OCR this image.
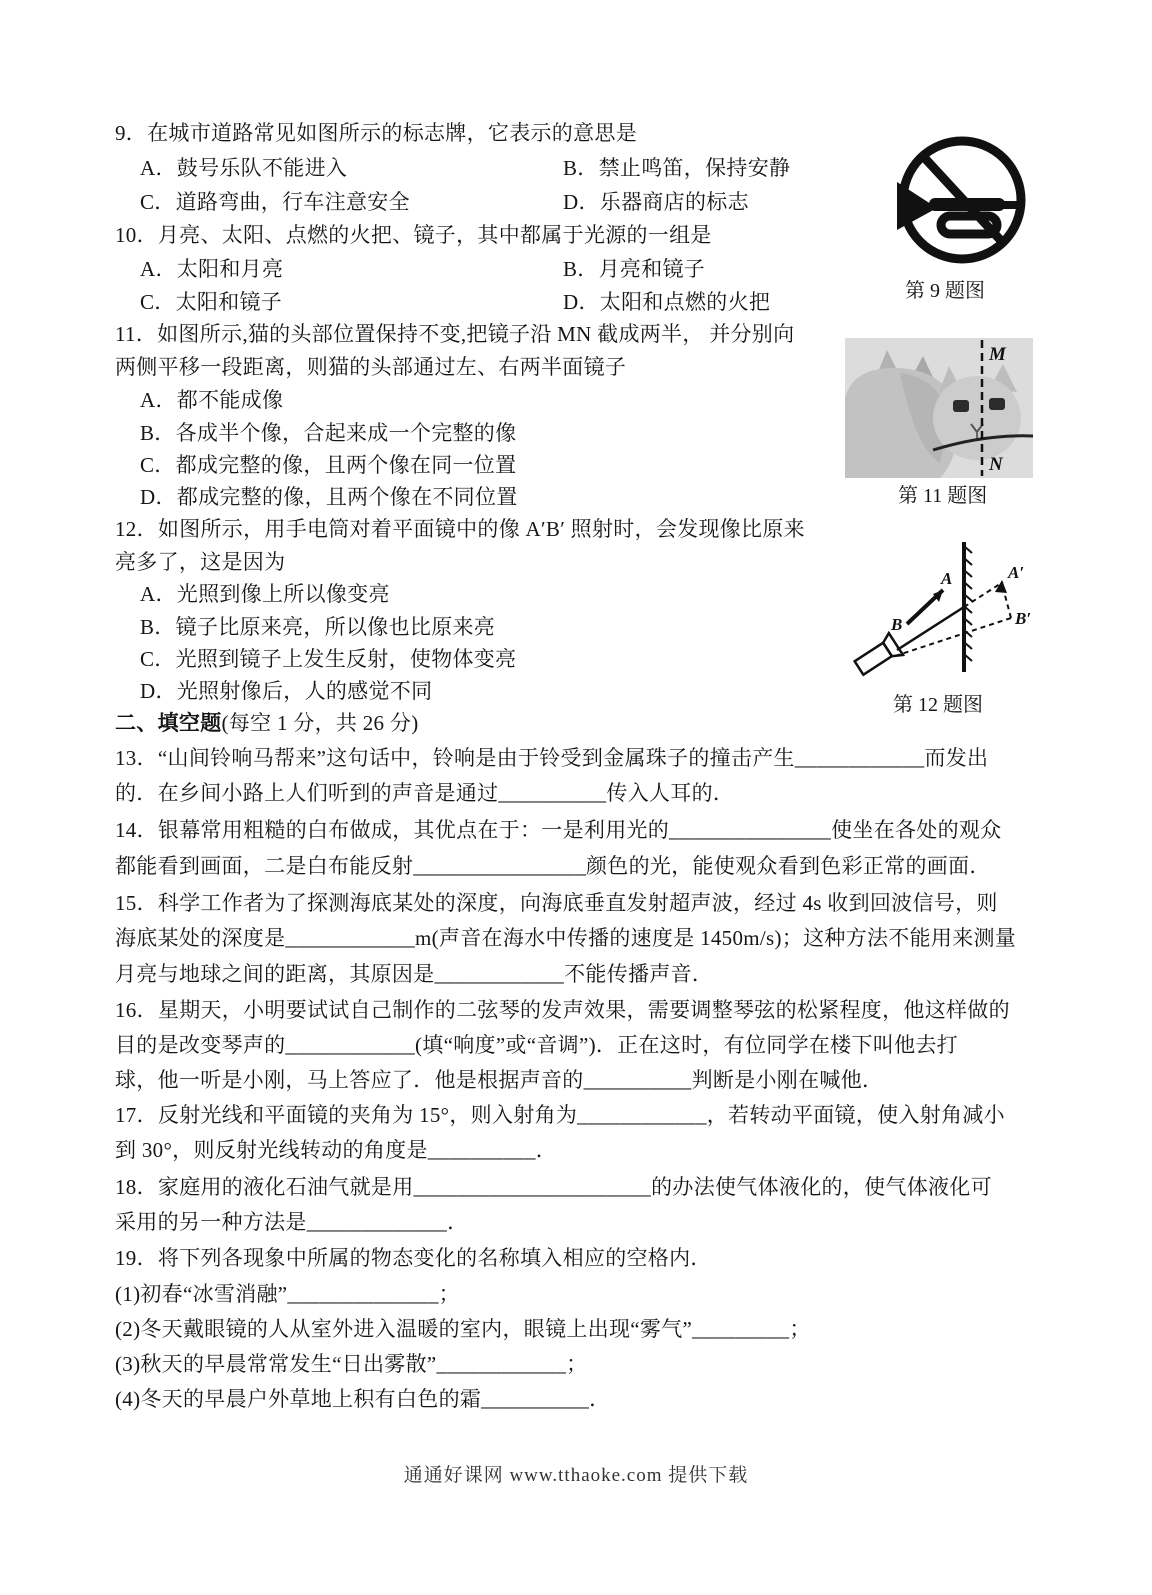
9．在城市道路常见如图所示的标志牌，它表示的意思是
A．鼓号乐队不能进入	B．禁止鸣笛，保持安静
C．道路弯曲，行车注意安全	D．乐器商店的标志
第 9 题图
10．月亮、太阳、点燃的火把、镜子，其中都属于光源的一组是
A．太阳和月亮	B．月亮和镜子
C．太阳和镜子	D．太阳和点燃的火把
11．如图所示,猫的头部位置保持不变,把镜子沿 MN 截成两半， 并分别向
两侧平移一段距离，则猫的头部通过左、右两半面镜子
A．都不能成像
B．各成半个像，合起来成一个完整的像
C．都成完整的像，且两个像在同一位置
D．都成完整的像，且两个像在不同位置
M
N
第 11 题图
12．如图所示，用手电筒对着平面镜中的像 A′B′ 照射时，会发现像比原来
亮多了，这是因为
A．光照到像上所以像变亮
B．镜子比原来亮，所以像也比原来亮
C．光照到镜子上发生反射，使物体变亮
D．光照射像后，人的感觉不同
A
B
A′
B′
第 12 题图
二、填空题(每空 1 分，共 26 分)
13．“山间铃响马帮来”这句话中，铃响是由于铃受到金属珠子的撞击产生____________而发出
的．在乡间小路上人们听到的声音是通过__________传入人耳的．
14．银幕常用粗糙的白布做成，其优点在于：一是利用光的_______________使坐在各处的观众
都能看到画面，二是白布能反射________________颜色的光，能使观众看到色彩正常的画面．
15．科学工作者为了探测海底某处的深度，向海底垂直发射超声波，经过 4s 收到回波信号，则
海底某处的深度是____________m(声音在海水中传播的速度是 1450m/s)；这种方法不能用来测量
月亮与地球之间的距离，其原因是____________不能传播声音．
16．星期天，小明要试试自己制作的二弦琴的发声效果，需要调整琴弦的松紧程度，他这样做的
目的是改变琴声的____________(填“响度”或“音调”)．正在这时，有位同学在楼下叫他去打
球，他一听是小刚，马上答应了．他是根据声音的__________判断是小刚在喊他．
17．反射光线和平面镜的夹角为 15°，则入射角为____________，若转动平面镜，使入射角减小
到 30°，则反射光线转动的角度是__________．
18．家庭用的液化石油气就是用______________________的办法使气体液化的，使气体液化可
采用的另一种方法是_____________．
19．将下列各现象中所属的物态变化的名称填入相应的空格内．
(1)初春“冰雪消融”______________；
(2)冬天戴眼镜的人从室外进入温暖的室内，眼镜上出现“雾气”_________；
(3)秋天的早晨常常发生“日出雾散”____________；
(4)冬天的早晨户外草地上积有白色的霜__________．
通通好课网 www.tthaoke.com 提供下载
